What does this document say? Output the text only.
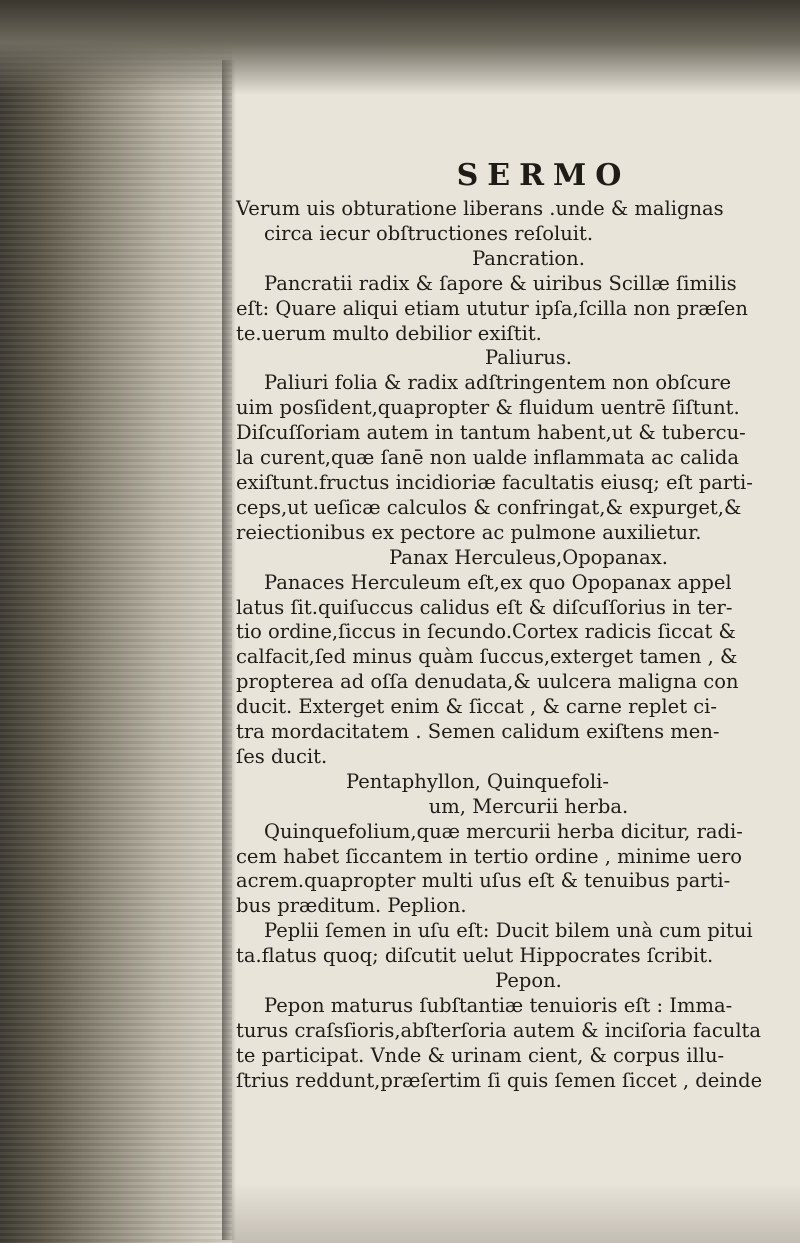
SERMO
Verum uis obturatione liberans .unde & malignas
circa iecur obſtructiones reſoluit.
Pancration.
Pancratii radix & ſapore & uiribus Scillæ ſimilis
eſt: Quare aliqui etiam ututur ipſa,ſcilla non præſen
te.uerum multo debilior exiſtit.
Paliurus.
Paliuri folia & radix adſtringentem non obſcure
uim posſident,quapropter & fluidum uentrē ſiſtunt.
Diſcuſſoriam autem in tantum habent,ut & tubercu‑
la curent,quæ ſanē non ualde inflammata ac calida
exiſtunt.fructus incidioriæ facultatis eiusq; eſt parti‑
ceps,ut ueſicæ calculos & confringat,& expurget,&
reiectionibus ex pectore ac pulmone auxilietur.
Panax Herculeus,Opopanax.
Panaces Herculeum eſt,ex quo Opopanax appel
latus ſit.quiſuccus calidus eſt & diſcuſſorius in ter‑
tio ordine,ſiccus in ſecundo.Cortex radicis ſiccat &
calfacit,ſed minus quàm ſuccus,exterget tamen , &
propterea ad oſſa denudata,& uulcera maligna con
ducit. Exterget enim & ſiccat , & carne replet ci‑
tra mordacitatem . Semen calidum exiſtens men‑
ſes ducit.
Pentaphyllon, Quinquefoli‑
um, Mercurii herba.
Quinquefolium,quæ mercurii herba dicitur, radi‑
cem habet ſiccantem in tertio ordine , minime uero
acrem.quapropter multi uſus eſt & tenuibus parti‑
bus præditum. Peplion.
Peplii ſemen in uſu eſt: Ducit bilem unà cum pitui
ta.flatus quoq; diſcutit uelut Hippocrates ſcribit.
Pepon.
Pepon maturus ſubſtantiæ tenuioris eſt : Imma‑
turus craſsſioris,abſterſoria autem & inciſoria faculta
te participat. Vnde & urinam cient, & corpus illu‑
ſtrius reddunt,præſertim ſi quis ſemen ſiccet , deinde
